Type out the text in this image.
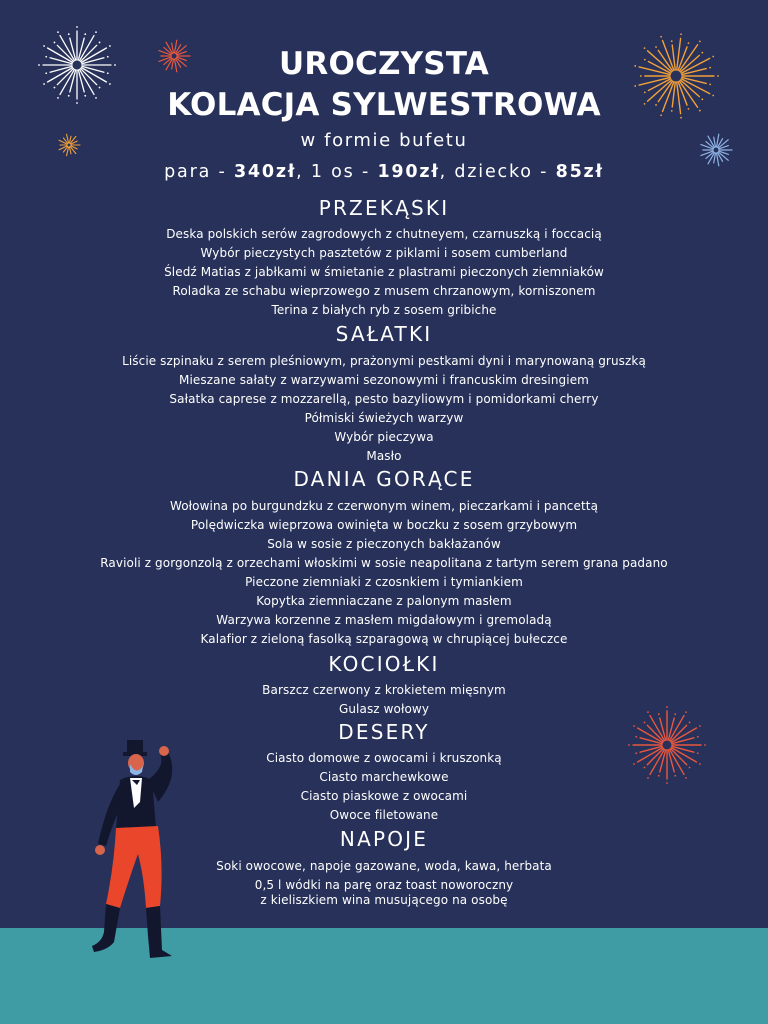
UROCZYSTA
KOLACJA SYLWESTROWA
w formie bufetu
para - 340zł, 1 os - 190zł, dziecko - 85zł
PRZEKĄSKI
Deska polskich serów zagrodowych z chutneyem, czarnuszką i foccacią
Wybór pieczystych pasztetów z piklami i sosem cumberland
Śledź Matias z jabłkami w śmietanie z plastrami pieczonych ziemniaków
Roladka ze schabu wieprzowego z musem chrzanowym, korniszonem
Terina z białych ryb z sosem gribiche
SAŁATKI
Liście szpinaku z serem pleśniowym, prażonymi pestkami dyni i marynowaną gruszką
Mieszane sałaty z warzywami sezonowymi i francuskim dresingiem
Sałatka caprese z mozzarellą, pesto bazyliowym i pomidorkami cherry
Półmiski świeżych warzyw
Wybór pieczywa
Masło
DANIA GORĄCE
Wołowina po burgundzku z czerwonym winem, pieczarkami i pancettą
Polędwiczka wieprzowa owinięta w boczku z sosem grzybowym
Sola w sosie z pieczonych bakłażanów
Ravioli z gorgonzolą z orzechami włoskimi w sosie neapolitana z tartym serem grana padano
Pieczone ziemniaki z czosnkiem i tymiankiem
Kopytka ziemniaczane z palonym masłem
Warzywa korzenne z masłem migdałowym i gremoladą
Kalafior z zieloną fasolką szparagową w chrupiącej bułeczce
KOCIOŁKI
Barszcz czerwony z krokietem mięsnym
Gulasz wołowy
DESERY
Ciasto domowe z owocami i kruszonką
Ciasto marchewkowe
Ciasto piaskowe z owocami
Owoce filetowane
NAPOJE
Soki owocowe, napoje gazowane, woda, kawa, herbata
0,5 l wódki na parę oraz toast noworoczny
z kieliszkiem wina musującego na osobę
